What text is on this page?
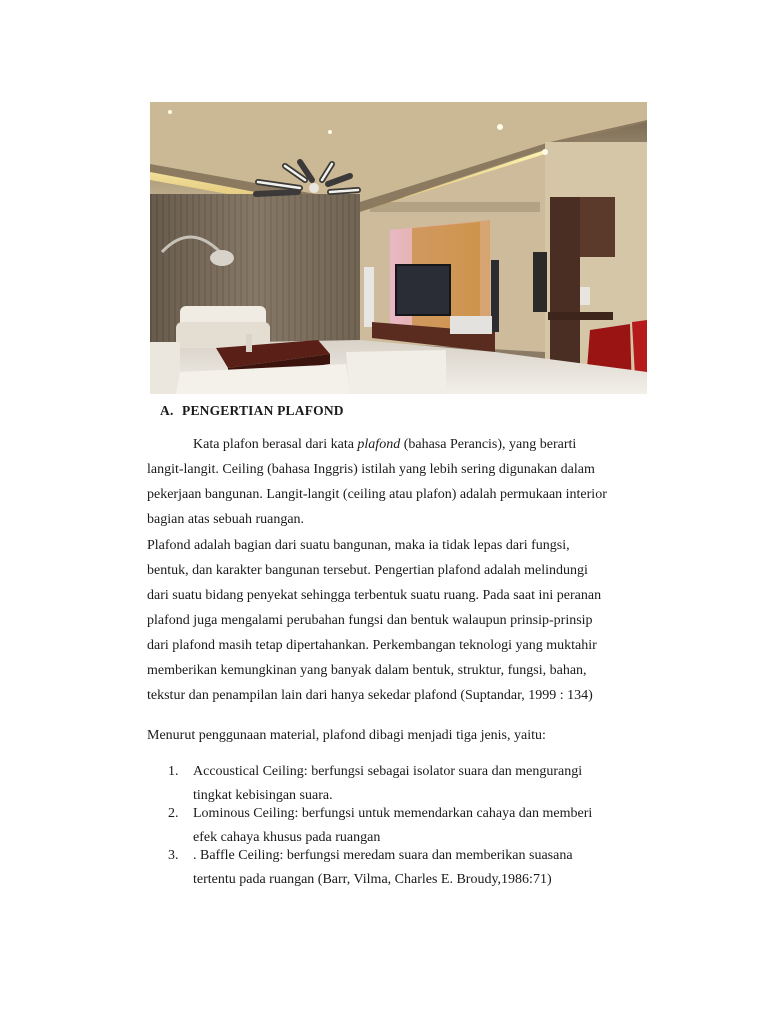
A. PENGERTIAN PLAFOND
Kata plafon berasal dari kata plafond (bahasa Perancis), yang berarti
langit-langit. Ceiling (bahasa Inggris) istilah yang lebih sering digunakan dalam
pekerjaan bangunan. Langit-langit (ceiling atau plafon) adalah permukaan interior
bagian atas sebuah ruangan.
Plafond adalah bagian dari suatu bangunan, maka ia tidak lepas dari fungsi,
bentuk, dan karakter bangunan tersebut. Pengertian plafond adalah melindungi
dari suatu bidang penyekat sehingga terbentuk suatu ruang. Pada saat ini peranan
plafond juga mengalami perubahan fungsi dan bentuk walaupun prinsip-prinsip
dari plafond masih tetap dipertahankan. Perkembangan teknologi yang muktahir
memberikan kemungkinan yang banyak dalam bentuk, struktur, fungsi, bahan,
tekstur dan penampilan lain dari hanya sekedar plafond (Suptandar, 1999 : 134)
Menurut penggunaan material, plafond dibagi menjadi tiga jenis, yaitu:
1. Accoustical Ceiling: berfungsi sebagai isolator suara dan mengurangi
tingkat kebisingan suara.
2. Lominous Ceiling: berfungsi untuk memendarkan cahaya dan memberi
efek cahaya khusus pada ruangan
3. . Baffle Ceiling: berfungsi meredam suara dan memberikan suasana
tertentu pada ruangan (Barr, Vilma, Charles E. Broudy,1986:71)
